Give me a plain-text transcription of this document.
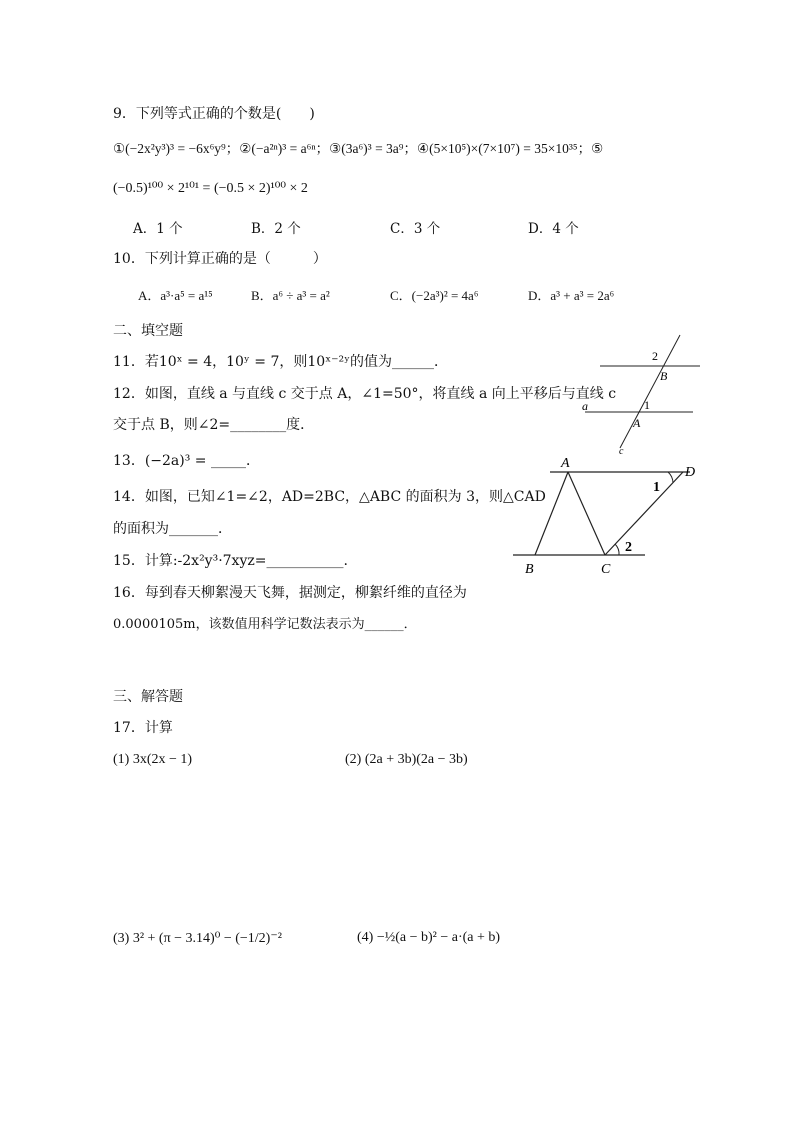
9．下列等式正确的个数是(　　)
①(−2x²y³)³ = −6x⁶y⁹；②(−a²ⁿ)³ = a⁶ⁿ；③(3a⁶)³ = 3a⁹；④(5×10⁵)×(7×10⁷) = 35×10³⁵；⑤
(−0.5)¹⁰⁰ × 2¹⁰¹ = (−0.5 × 2)¹⁰⁰ × 2
A．1 个	B．2 个	C．3 个	D．4 个
10．下列计算正确的是（　　　）
A．a³·a⁵ = a¹⁵	B．a⁶ ÷ a³ = a²	C．(−2a³)² = 4a⁶	D．a³ + a³ = 2a⁶
二、填空题
11．若10ˣ = 4，10ʸ = 7，则10ˣ⁻²ʸ的值为______．
12．如图，直线 a 与直线 c 交于点 A，∠1=50°，将直线 a 向上平移后与直线 c
交于点 B，则∠2=________度．
13．(−2a)³ = _____．
14．如图，已知∠1=∠2，AD=2BC，△ABC 的面积为 3，则△CAD
的面积为_______．
15．计算:-2x²y³·7xyz=___________.
16．每到春天柳絮漫天飞舞，据测定，柳絮纤维的直径为
0.0000105m，该数值用科学记数法表示为______．
三、解答题
17．计算
(1) 3x(2x − 1)	(2) (2a + 3b)(2a − 3b)
(3) 3² + (π − 3.14)⁰ − (−1/2)⁻²	(4) −½(a − b)² − a·(a + b)
2
B
a	1
A
c
A
D
B	C
1
2
